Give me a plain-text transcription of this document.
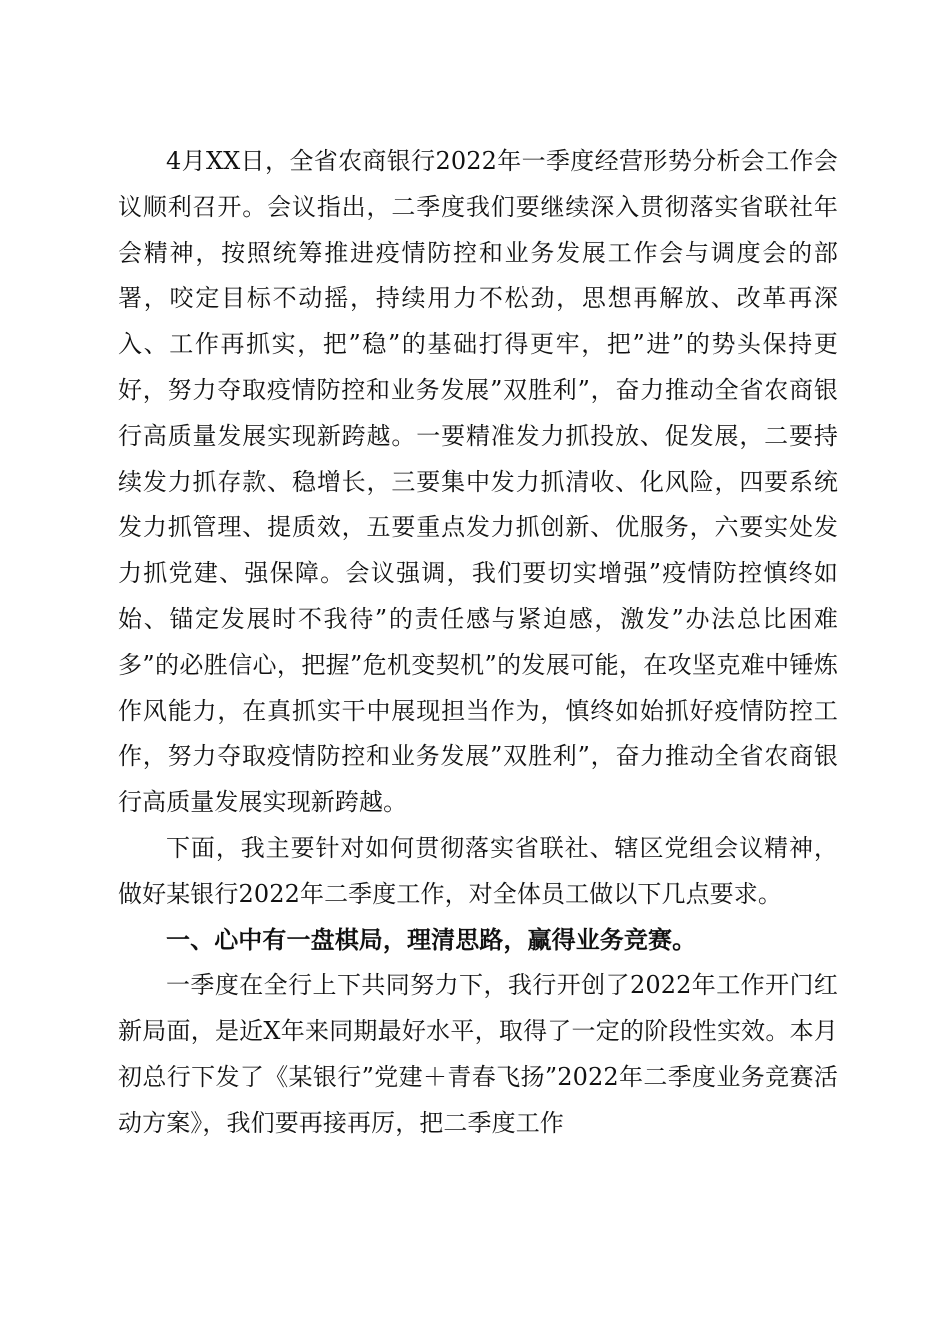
4月XX日，全省农商银行2022年一季度经营形势分析会工作会议顺利召开。会议指出，二季度我们要继续深入贯彻落实省联社年会精神，按照统筹推进疫情防控和业务发展工作会与调度会的部署，咬定目标不动摇，持续用力不松劲，思想再解放、改革再深入、工作再抓实，把”稳”的基础打得更牢，把”进”的势头保持更好，努力夺取疫情防控和业务发展”双胜利”，奋力推动全省农商银行高质量发展实现新跨越。一要精准发力抓投放、促发展，二要持续发力抓存款、稳增长，三要集中发力抓清收、化风险，四要系统发力抓管理、提质效，五要重点发力抓创新、优服务，六要实处发力抓党建、强保障。会议强调，我们要切实增强”疫情防控慎终如始、锚定发展时不我待”的责任感与紧迫感，激发”办法总比困难多”的必胜信心，把握”危机变契机”的发展可能，在攻坚克难中锤炼作风能力，在真抓实干中展现担当作为，慎终如始抓好疫情防控工作，努力夺取疫情防控和业务发展”双胜利”，奋力推动全省农商银行高质量发展实现新跨越。

下面，我主要针对如何贯彻落实省联社、辖区党组会议精神，做好某银行2022年二季度工作，对全体员工做以下几点要求。

一、心中有一盘棋局，理清思路，赢得业务竞赛。

一季度在全行上下共同努力下，我行开创了2022年工作开门红新局面，是近X年来同期最好水平，取得了一定的阶段性实效。本月初总行下发了《某银行”党建＋青春飞扬”2022年二季度业务竞赛活动方案》，我们要再接再厉，把二季度工作
